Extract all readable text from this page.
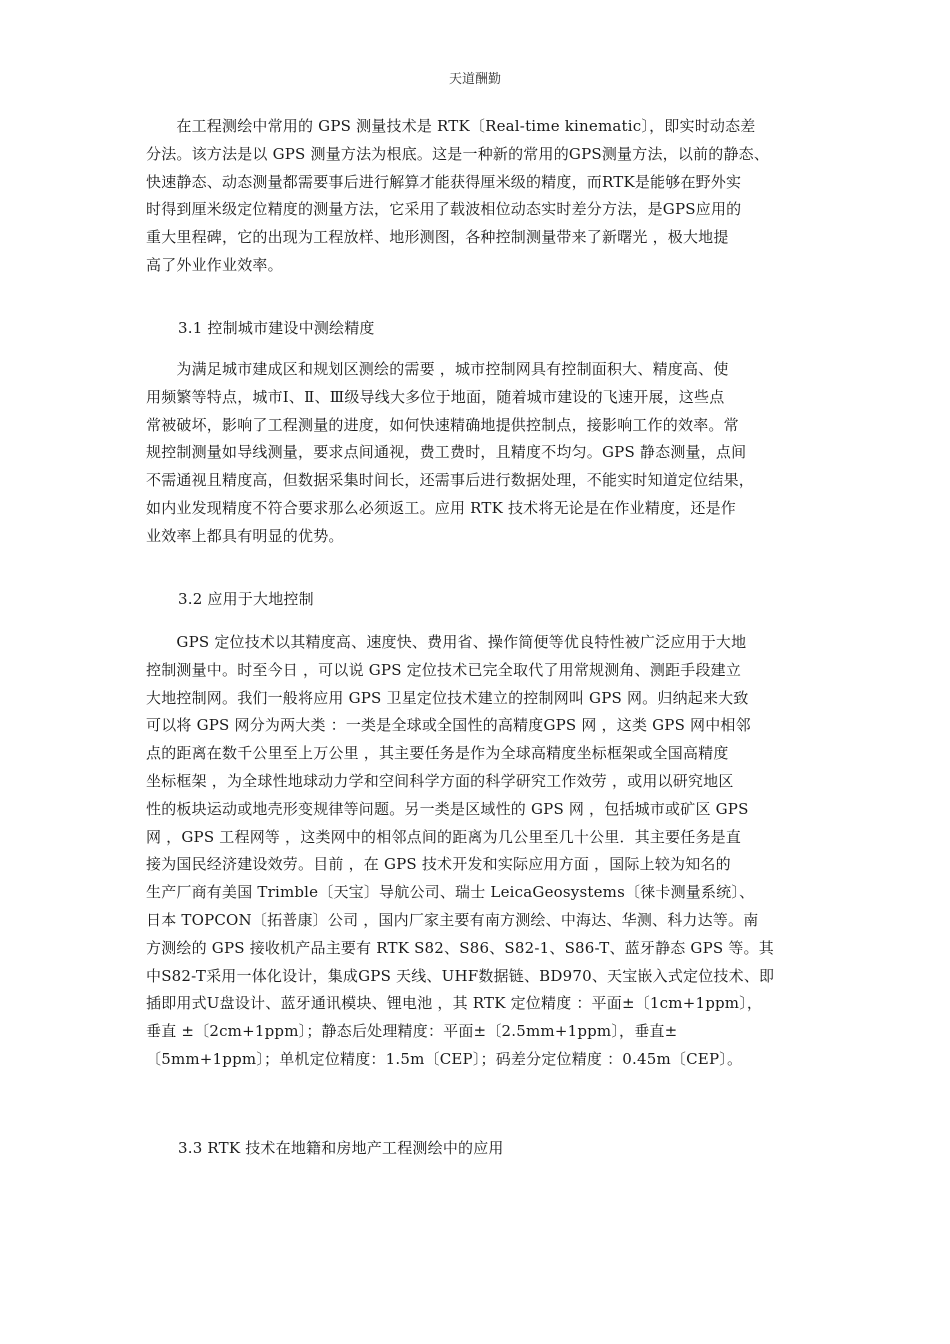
天道酬勤
　　在工程测绘中常用的 GPS 测量技术是 RTK〔Real-time kinematic〕，即实时动态差
分法。该方法是以 GPS 测量方法为根底。这是一种新的常用的GPS测量方法，以前的静态、
快速静态、动态测量都需要事后进行解算才能获得厘米级的精度，而RTK是能够在野外实
时得到厘米级定位精度的测量方法，它采用了载波相位动态实时差分方法，是GPS应用的
重大里程碑，它的出现为工程放样、地形测图，各种控制测量带来了新曙光 ，极大地提
高了外业作业效率。
3.1 控制城市建设中测绘精度
　　为满足城市建成区和规划区测绘的需要 ，城市控制网具有控制面积大、精度高、使
用频繁等特点，城市Ⅰ、Ⅱ、Ⅲ级导线大多位于地面，随着城市建设的飞速开展，这些点
常被破坏，影响了工程测量的进度，如何快速精确地提供控制点，接影响工作的效率。常
规控制测量如导线测量，要求点间通视，费工费时，且精度不均匀。GPS 静态测量，点间
不需通视且精度高，但数据采集时间长，还需事后进行数据处理，不能实时知道定位结果，
如内业发现精度不符合要求那么必须返工。应用 RTK 技术将无论是在作业精度，还是作
业效率上都具有明显的优势。
3.2 应用于大地控制
　　GPS 定位技术以其精度高、速度快、费用省、操作简便等优良特性被广泛应用于大地
控制测量中。时至今日 ，可以说 GPS 定位技术已完全取代了用常规测角、测距手段建立
大地控制网。我们一般将应用 GPS 卫星定位技术建立的控制网叫 GPS 网。归纳起来大致
可以将 GPS 网分为两大类 ：一类是全球或全国性的高精度GPS 网 ，这类 GPS 网中相邻
点的距离在数千公里至上万公里 ，其主要任务是作为全球高精度坐标框架或全国高精度
坐标框架 ，为全球性地球动力学和空间科学方面的科学研究工作效劳 ，或用以研究地区
性的板块运动或地壳形变规律等问题。另一类是区域性的 GPS 网 ，包括城市或矿区 GPS
网 ，GPS 工程网等 ，这类网中的相邻点间的距离为几公里至几十公里．其主要任务是直
接为国民经济建设效劳。目前 ，在 GPS 技术开发和实际应用方面 ，国际上较为知名的
生产厂商有美国 Trimble〔天宝〕导航公司、瑞士 LeicaGeosystems〔徕卡测量系统〕、
日本 TOPCON〔拓普康〕公司 ，国内厂家主要有南方测绘、中海达、华测、科力达等。南
方测绘的 GPS 接收机产品主要有 RTK S82、S86、S82-1、S86-T、蓝牙静态 GPS 等。其
中S82-T采用一体化设计，集成GPS 天线、UHF数据链、BD970、天宝嵌入式定位技术、即
插即用式U盘设计、蓝牙通讯模块、锂电池 ，其 RTK 定位精度 ：平面±〔1cm+1ppm〕，
垂直 ±〔2cm+1ppm〕；静态后处理精度：平面±〔2.5mm+1ppm〕，垂直±
〔5mm+1ppm〕；单机定位精度：1.5m〔CEP〕；码差分定位精度 ：0.45m〔CEP〕。
3.3 RTK 技术在地籍和房地产工程测绘中的应用
